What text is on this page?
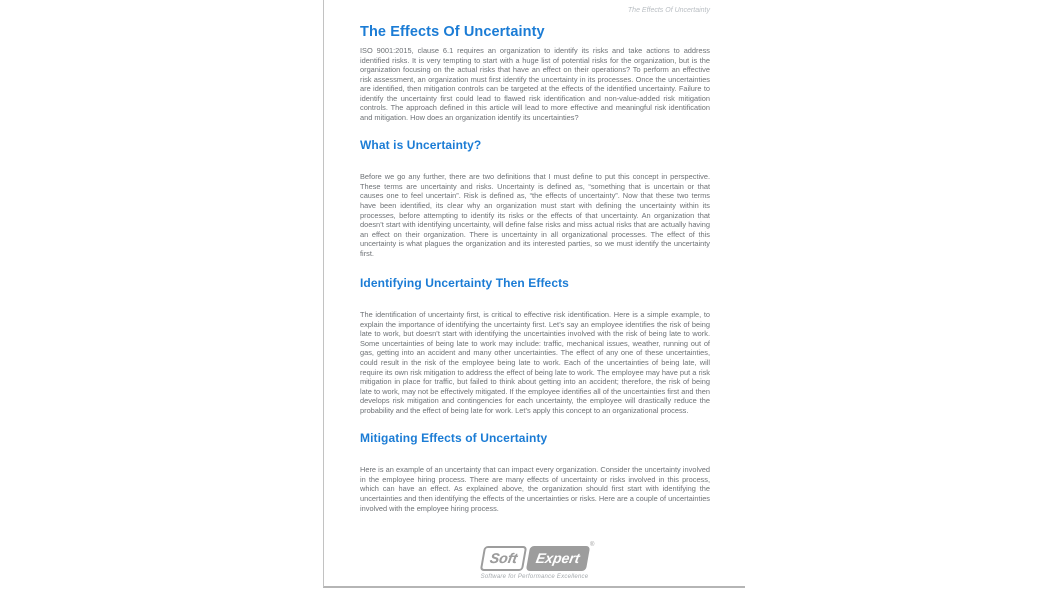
The Effects Of Uncertainty
The Effects Of Uncertainty

ISO 9001:2015, clause 6.1 requires an organization to identify its risks and take actions to address identified risks. It is very tempting to start with a huge list of potential risks for the organization, but is the organization focusing on the actual risks that have an effect on their operations? To perform an effective risk assessment, an organization must first identify the uncertainty in its processes. Once the uncertainties are identified, then mitigation controls can be targeted at the effects of the identified uncertainty. Failure to identify the uncertainty first could lead to flawed risk identification and non-value-added risk mitigation controls. The approach defined in this article will lead to more effective and meaningful risk identification and mitigation. How does an organization identify its uncertainties?

What is Uncertainty?

Before we go any further, there are two definitions that I must define to put this concept in perspective. These terms are uncertainty and risks. Uncertainty is defined as, “something that is uncertain or that causes one to feel uncertain”. Risk is defined as, “the effects of uncertainty”. Now that these two terms have been identified, its clear why an organization must start with defining the uncertainty within its processes, before attempting to identify its risks or the effects of that uncertainty. An organization that doesn’t start with identifying uncertainty, will define false risks and miss actual risks that are actually having an effect on their organization. There is uncertainty in all organizational processes. The effect of this uncertainty is what plagues the organization and its interested parties, so we must identify the uncertainty first.

Identifying Uncertainty Then Effects

The identification of uncertainty first, is critical to effective risk identification. Here is a simple example, to explain the importance of identifying the uncertainty first. Let’s say an employee identifies the risk of being late to work, but doesn’t start with identifying the uncertainties involved with the risk of being late to work. Some uncertainties of being late to work may include: traffic, mechanical issues, weather, running out of gas, getting into an accident and many other uncertainties. The effect of any one of these uncertainties, could result in the risk of the employee being late to work. Each of the uncertainties of being late, will require its own risk mitigation to address the effect of being late to work. The employee may have put a risk mitigation in place for traffic, but failed to think about getting into an accident; therefore, the risk of being late to work, may not be effectively mitigated. If the employee identifies all of the uncertainties first and then develops risk mitigation and contingencies for each uncertainty, the employee will drastically reduce the probability and the effect of being late for work. Let’s apply this concept to an organizational process.

Mitigating Effects of Uncertainty

Here is an example of an uncertainty that can impact every organization. Consider the uncertainty involved in the employee hiring process. There are many effects of uncertainty or risks involved in this process, which can have an effect. As explained above, the organization should first start with identifying the uncertainties and then identifying the effects of the uncertainties or risks. Here are a couple of uncertainties involved with the employee hiring process.

Soft Expert
®
Software for Performance Excellence
